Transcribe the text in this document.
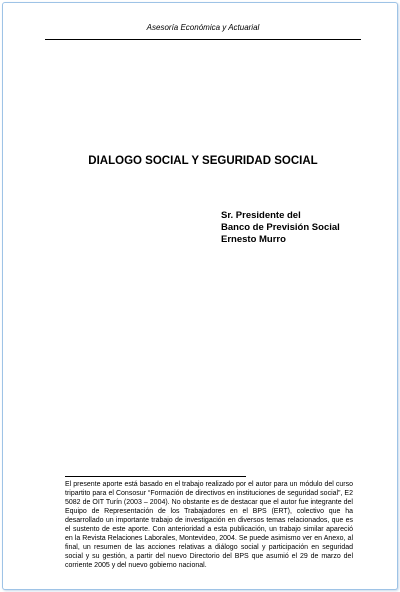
Asesoría Económica y Actuarial
DIALOGO SOCIAL Y SEGURIDAD SOCIAL
Sr. Presidente del
Banco de Previsión Social
Ernesto Murro
El presente aporte está basado en el trabajo realizado por el autor para un módulo del curso tripartito para el Consosur “Formación de directivos en instituciones de seguridad social”, E2 5082 de OIT Turín (2003 – 2004). No obstante es de destacar que el autor fue integrante del Equipo de Representación de los Trabajadores en el BPS (ERT), colectivo que ha desarrollado un importante trabajo de investigación en diversos temas relacionados, que es el sustento de este aporte. Con anterioridad a esta publicación, un trabajo similar apareció en la Revista Relaciones Laborales, Montevideo, 2004. Se puede asimismo ver en Anexo, al final, un resumen de las acciones relativas a diálogo social y participación en seguridad social y su gestión, a partir del nuevo Directorio del BPS que asumió el 29 de marzo del corriente 2005 y del nuevo gobierno nacional.
